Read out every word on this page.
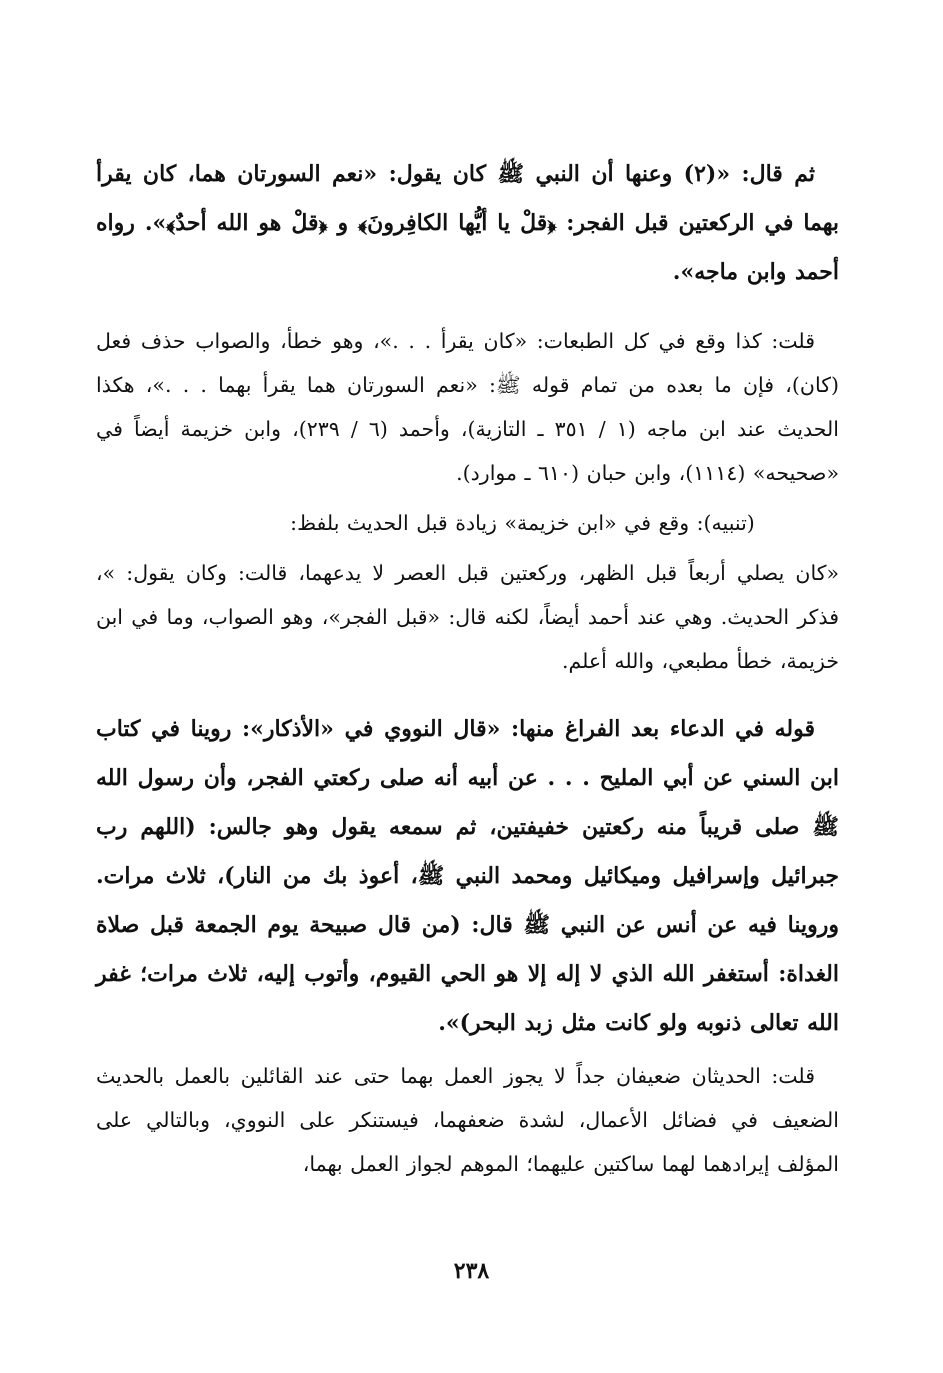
ثم قال: «(٢) وعنها أن النبي ﷺ كان يقول: «نعم السورتان هما، كان يقرأ بهما في الركعتين قبل الفجر: ﴿قلْ يا أيُّها الكافِرونَ﴾ و ﴿قلْ هو الله أحدٌ﴾». رواه أحمد وابن ماجه».

قلت: كذا وقع في كل الطبعات: «كان يقرأ . . .»، وهو خطأ، والصواب حذف فعل (كان)، فإن ما بعده من تمام قوله ﷺ: «نعم السورتان هما يقرأ بهما . . .»، هكذا الحديث عند ابن ماجه (١ / ٣٥١ ـ التازية)، وأحمد (٦ / ٢٣٩)، وابن خزيمة أيضاً في «صحيحه» (١١١٤)، وابن حبان (٦١٠ ـ موارد).

(تنبيه): وقع في «ابن خزيمة» زيادة قبل الحديث بلفظ:

«كان يصلي أربعاً قبل الظهر، وركعتين قبل العصر لا يدعهما، قالت: وكان يقول: »، فذكر الحديث. وهي عند أحمد أيضاً، لكنه قال: «قبل الفجر»، وهو الصواب، وما في ابن خزيمة، خطأ مطبعي، والله أعلم.

قوله في الدعاء بعد الفراغ منها: «قال النووي في «الأذكار»: روينا في كتاب ابن السني عن أبي المليح . . . عن أبيه أنه صلى ركعتي الفجر، وأن رسول الله ﷺ صلى قريباً منه ركعتين خفيفتين، ثم سمعه يقول وهو جالس: (اللهم رب جبرائيل وإسرافيل وميكائيل ومحمد النبي ﷺ، أعوذ بك من النار)، ثلاث مرات. وروينا فيه عن أنس عن النبي ﷺ قال: (من قال صبيحة يوم الجمعة قبل صلاة الغداة: أستغفر الله الذي لا إله إلا هو الحي القيوم، وأتوب إليه، ثلاث مرات؛ غفر الله تعالى ذنوبه ولو كانت مثل زبد البحر)».

قلت: الحديثان ضعيفان جداً لا يجوز العمل بهما حتى عند القائلين بالعمل بالحديث الضعيف في فضائل الأعمال، لشدة ضعفهما، فيستنكر على النووي، وبالتالي على المؤلف إيرادهما لهما ساكتين عليهما؛ الموهم لجواز العمل بهما،

٢٣٨
